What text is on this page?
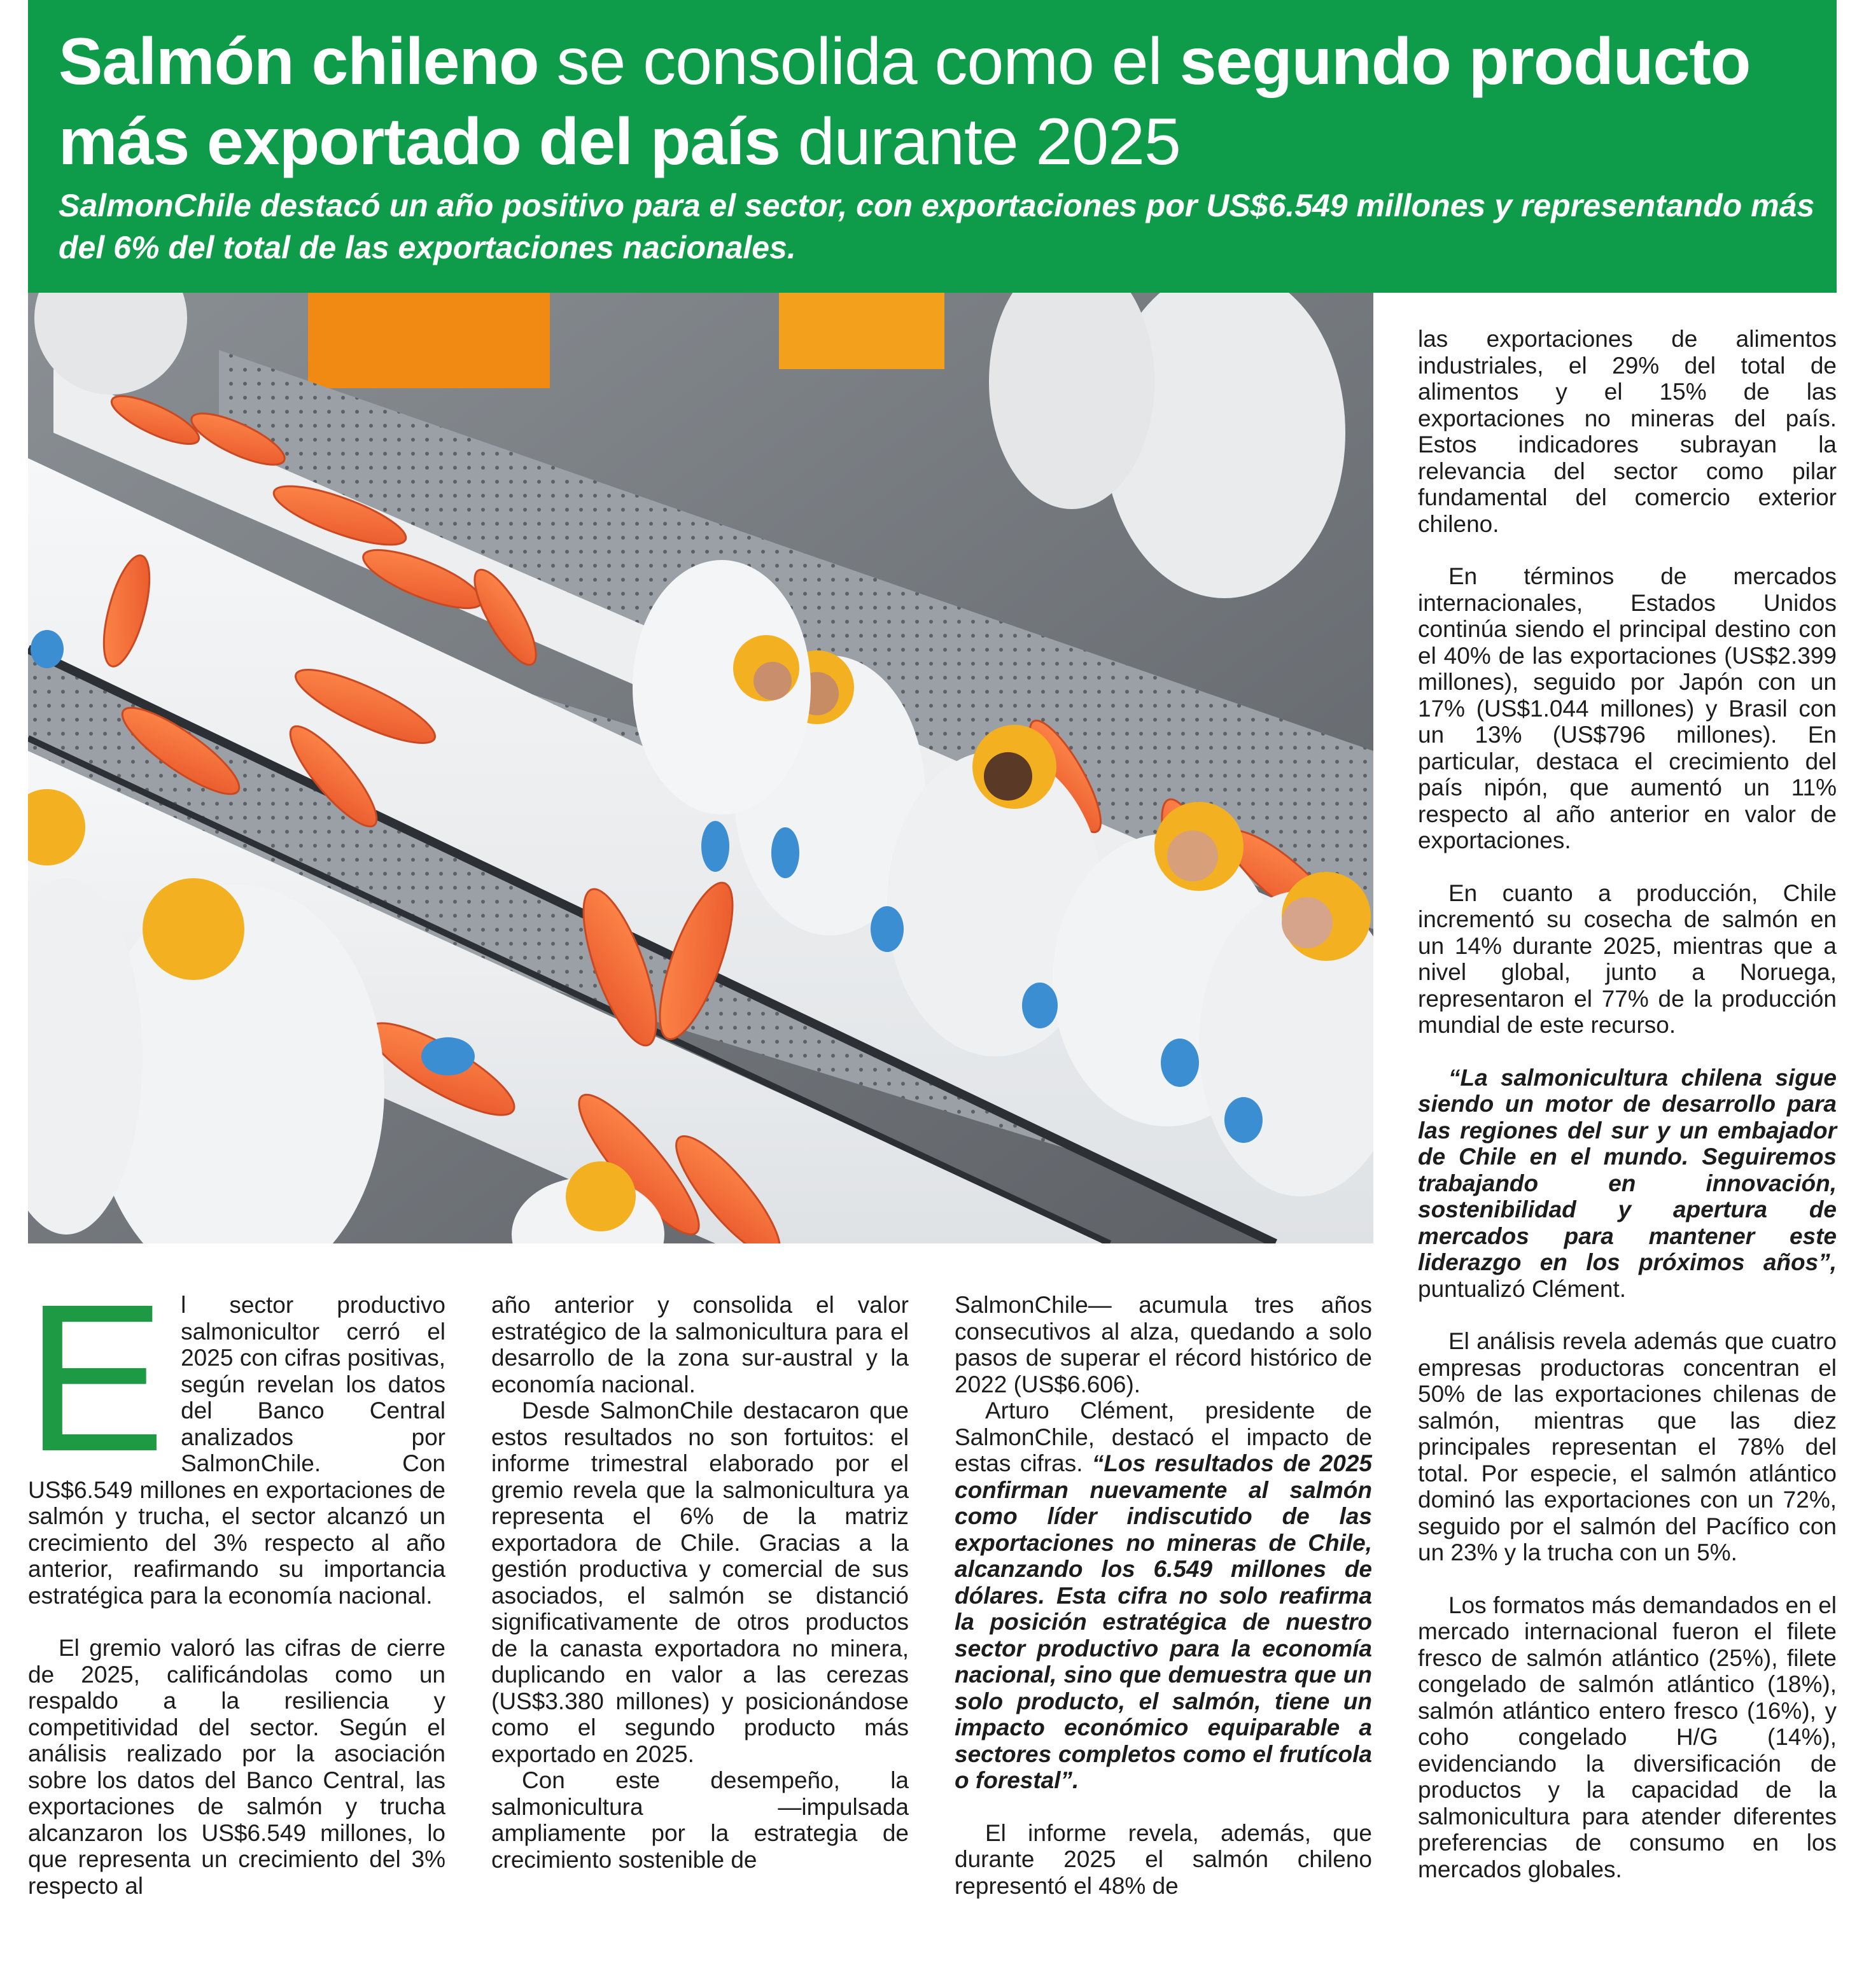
Salmón chileno se consolida como el segundo producto más exportado del país durante 2025

SalmonChile destacó un año positivo para el sector, con exportaciones por US$6.549 millones y representando más del 6% del total de las exportaciones nacionales.

E l sector productivo salmonicultor cerró el 2025 con cifras positivas, según revelan los datos del Banco Central analizados por SalmonChile. Con US$6.549 millones en exportaciones de salmón y trucha, el sector alcanzó un crecimiento del 3% respecto al año anterior, reafirmando su importancia estratégica para la economía nacional.

El gremio valoró las cifras de cierre de 2025, calificándolas como un respaldo a la resiliencia y competitividad del sector. Según el análisis realizado por la asociación sobre los datos del Banco Central, las exportaciones de salmón y trucha alcanzaron los US$6.549 millones, lo que representa un crecimiento del 3% respecto al

año anterior y consolida el valor estratégico de la salmonicultura para el desarrollo de la zona sur-austral y la economía nacional.

Desde SalmonChile destacaron que estos resultados no son fortuitos: el informe trimestral elaborado por el gremio revela que la salmonicultura ya representa el 6% de la matriz exportadora de Chile. Gracias a la gestión productiva y comercial de sus asociados, el salmón se distanció significativamente de otros productos de la canasta exportadora no minera, duplicando en valor a las cerezas (US$3.380 millones) y posicionándose como el segundo producto más exportado en 2025.

Con este desempeño, la salmonicultura —impulsada ampliamente por la estrategia de crecimiento sostenible de

SalmonChile— acumula tres años consecutivos al alza, quedando a solo pasos de superar el récord histórico de 2022 (US$6.606).

Arturo Clément, presidente de SalmonChile, destacó el impacto de estas cifras. “Los resultados de 2025 confirman nuevamente al salmón como líder indiscutido de las exportaciones no mineras de Chile, alcanzando los 6.549 millones de dólares. Esta cifra no solo reafirma la posición estratégica de nuestro sector productivo para la economía nacional, sino que demuestra que un solo producto, el salmón, tiene un impacto económico equiparable a sectores completos como el frutícola o forestal”.

El informe revela, además, que durante 2025 el salmón chileno representó el 48% de

las exportaciones de alimentos industriales, el 29% del total de alimentos y el 15% de las exportaciones no mineras del país. Estos indicadores subrayan la relevancia del sector como pilar fundamental del comercio exterior chileno.

En términos de mercados internacionales, Estados Unidos continúa siendo el principal destino con el 40% de las exportaciones (US$2.399 millones), seguido por Japón con un 17% (US$1.044 millones) y Brasil con un 13% (US$796 millones). En particular, destaca el crecimiento del país nipón, que aumentó un 11% respecto al año anterior en valor de exportaciones.

En cuanto a producción, Chile incrementó su cosecha de salmón en un 14% durante 2025, mientras que a nivel global, junto a Noruega, representaron el 77% de la producción mundial de este recurso.

“La salmonicultura chilena sigue siendo un motor de desarrollo para las regiones del sur y un embajador de Chile en el mundo. Seguiremos trabajando en innovación, sostenibilidad y apertura de mercados para mantener este liderazgo en los próximos años”, puntualizó Clément.

El análisis revela además que cuatro empresas productoras concentran el 50% de las exportaciones chilenas de salmón, mientras que las diez principales representan el 78% del total. Por especie, el salmón atlántico dominó las exportaciones con un 72%, seguido por el salmón del Pacífico con un 23% y la trucha con un 5%.

Los formatos más demandados en el mercado internacional fueron el filete fresco de salmón atlántico (25%), filete congelado de salmón atlántico (18%), salmón atlántico entero fresco (16%), y coho congelado H/G (14%), evidenciando la diversificación de productos y la capacidad de la salmonicultura para atender diferentes preferencias de consumo en los mercados globales.
